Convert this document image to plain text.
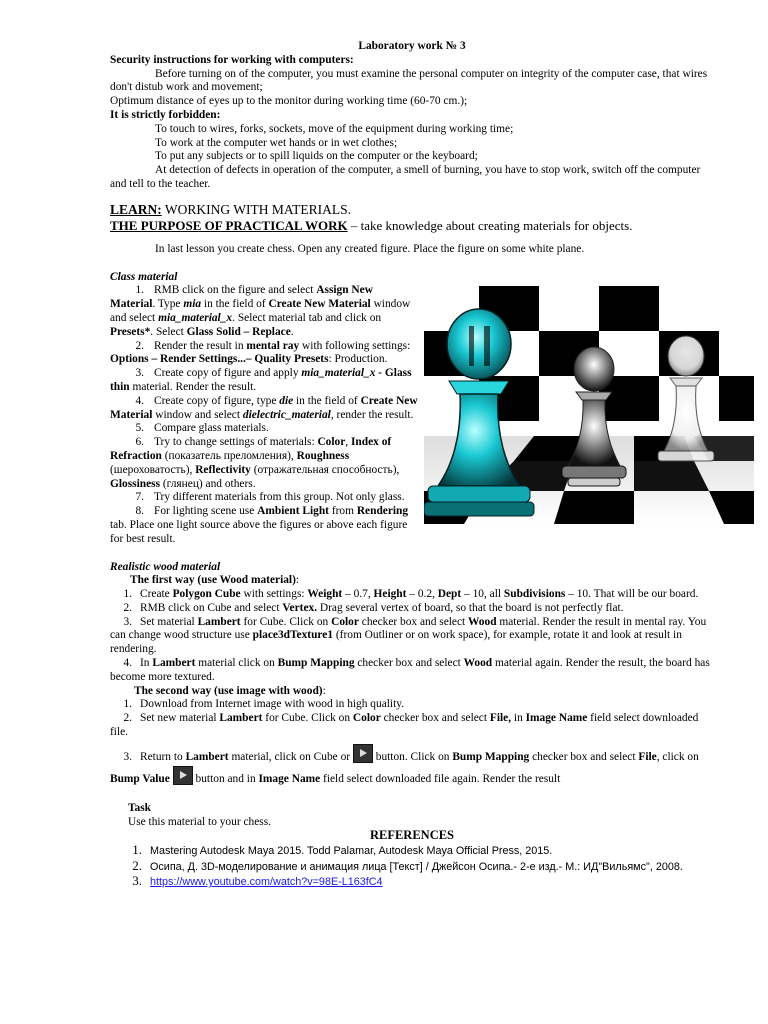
Laboratory work № 3

Security instructions for working with computers:

Before turning on of the computer, you must examine the personal computer on integrity of the computer case, that wires don't distub work and movement;

Optimum distance of eyes up to the monitor during working time (60-70 cm.);

It is strictly forbidden:

To touch to wires, forks, sockets, move of the equipment during working time;

To work at the computer wet hands or in wet clothes;

To put any subjects or to spill liquids on the computer or the keyboard;

At detection of defects in operation of the computer, a smell of burning, you have to stop work, switch off the computer and tell to the teacher.

LEARN: WORKING WITH MATERIALS.

THE PURPOSE OF PRACTICAL WORK – take knowledge about creating materials for objects.

In last lesson you create chess. Open any created figure. Place the figure on some white plane.

Class material

1. RMB click on the figure and select Assign New Material. Type mia in the field of Create New Material window and select mia_material_x. Select material tab and click on Presets*. Select Glass Solid – Replace.

2. Render the result in mental ray with following settings: Options – Render Settings...– Quality Presets: Production.

3. Create copy of figure and apply mia_material_x - Glass thin material. Render the result.

4. Create copy of figure, type die in the field of Create New Material window and select dielectric_material, render the result.

5. Compare glass materials.

6. Try to change settings of materials: Color, Index of Refraction (показатель преломления), Roughness (шероховатость), Reflectivity (отражательная способность), Glossiness (глянец) and others.

7. Try different materials from this group. Not only glass.

8. For lighting scene use Ambient Light from Rendering tab. Place one light source above the figures or above each figure for best result.

Realistic wood material

The first way (use Wood material):

1. Create Polygon Cube with settings: Weight – 0.7, Height – 0.2, Dept – 10, all Subdivisions – 10. That will be our board.

2. RMB click on Cube and select Vertex. Drag several vertex of board, so that the board is not perfectly flat.

3. Set material Lambert for Cube. Click on Color checker box and select Wood material. Render the result in mental ray. You can change wood structure use place3dTexture1 (from Outliner or on work space), for example, rotate it and look at result in rendering.

4. In Lambert material click on Bump Mapping checker box and select Wood material again. Render the result, the board has become more textured.

The second way (use image with wood):

1. Download from Internet image with wood in high quality.

2. Set new material Lambert for Cube. Click on Color checker box and select File, in Image Name field select downloaded file.

3. Return to Lambert material, click on Cube or  button. Click on Bump Mapping checker box and select File, click on Bump Value  button and in Image Name field select downloaded file again. Render the result

Task

Use this material to your chess.

REFERENCES

1. Mastering Autodesk Maya 2015. Todd Palamar, Autodesk Maya Official Press, 2015.

2. Осипа, Д. 3D-моделирование и анимация лица [Текст] / Джейсон Осипа.- 2-е изд.- М.: ИД"Вильямс", 2008.

3. https://www.youtube.com/watch?v=98E-L163fC4
